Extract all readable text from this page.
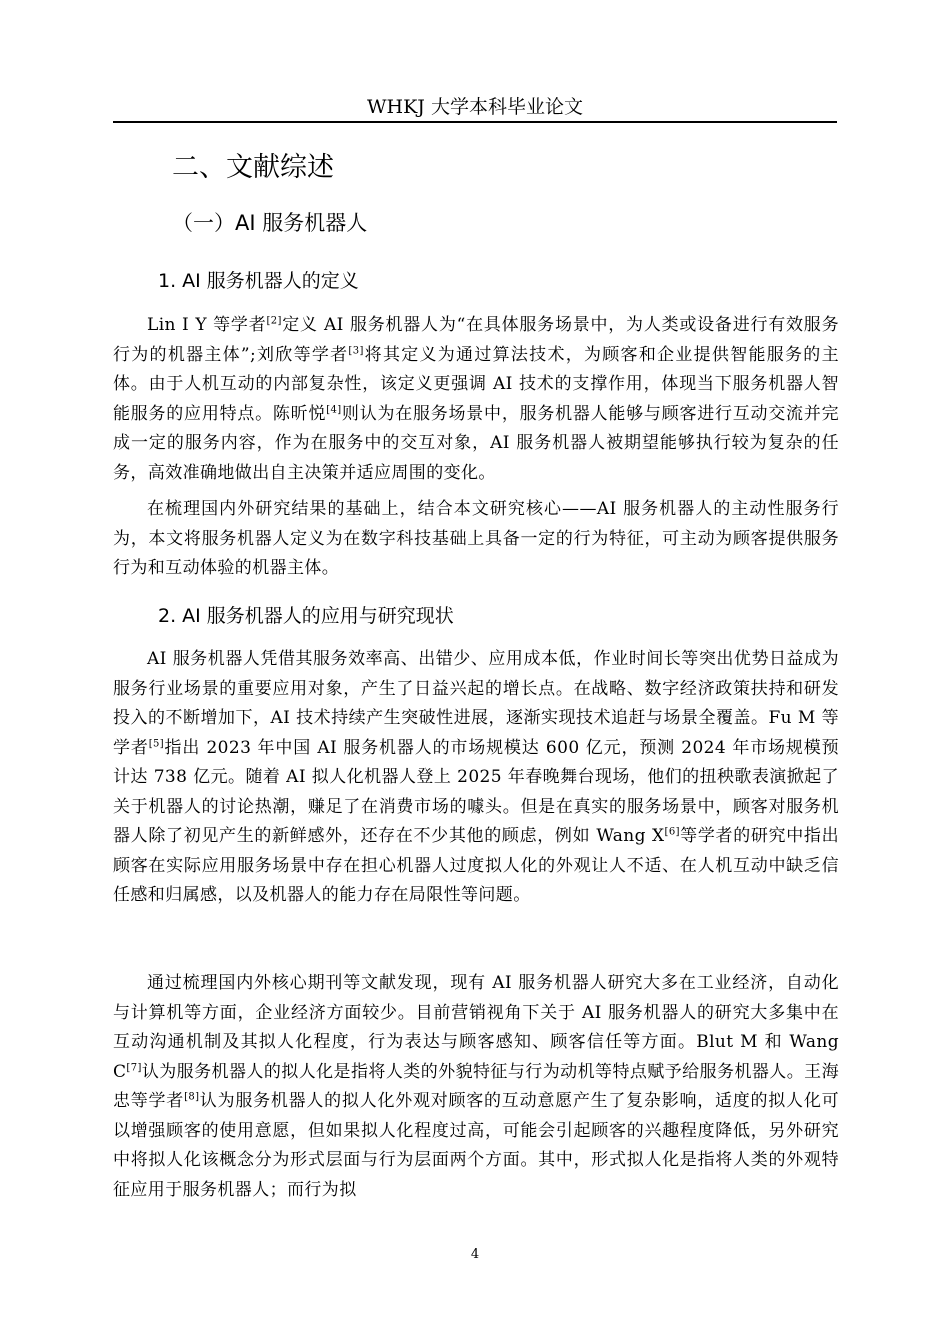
WHKJ 大学本科毕业论文
二、文献综述
（一）AI 服务机器人
1. AI 服务机器人的定义

Lin I Y 等学者[2]定义 AI 服务机器人为“在具体服务场景中，为人类或设备进行有效服务行为的机器主体”;刘欣等学者[3]将其定义为通过算法技术，为顾客和企业提供智能服务的主体。由于人机互动的内部复杂性，该定义更强调 AI 技术的支撑作用，体现当下服务机器人智能服务的应用特点。陈昕悦[4]则认为在服务场景中，服务机器人能够与顾客进行互动交流并完成一定的服务内容，作为在服务中的交互对象，AI 服务机器人被期望能够执行较为复杂的任务，高效准确地做出自主决策并适应周围的变化。

在梳理国内外研究结果的基础上，结合本文研究核心——AI 服务机器人的主动性服务行为，本文将服务机器人定义为在数字科技基础上具备一定的行为特征，可主动为顾客提供服务行为和互动体验的机器主体。

2. AI 服务机器人的应用与研究现状

AI 服务机器人凭借其服务效率高、出错少、应用成本低，作业时间长等突出优势日益成为服务行业场景的重要应用对象，产生了日益兴起的增长点。在战略、数字经济政策扶持和研发投入的不断增加下，AI 技术持续产生突破性进展，逐渐实现技术追赶与场景全覆盖。Fu M 等学者[5]指出 2023 年中国 AI 服务机器人的市场规模达 600 亿元，预测 2024 年市场规模预计达 738 亿元。随着 AI 拟人化机器人登上 2025 年春晚舞台现场，他们的扭秧歌表演掀起了关于机器人的讨论热潮，赚足了在消费市场的噱头。但是在真实的服务场景中，顾客对服务机器人除了初见产生的新鲜感外，还存在不少其他的顾虑，例如 Wang X[6]等学者的研究中指出顾客在实际应用服务场景中存在担心机器人过度拟人化的外观让人不适、在人机互动中缺乏信任感和归属感，以及机器人的能力存在局限性等问题。

通过梳理国内外核心期刊等文献发现，现有 AI 服务机器人研究大多在工业经济，自动化与计算机等方面，企业经济方面较少。目前营销视角下关于 AI 服务机器人的研究大多集中在互动沟通机制及其拟人化程度，行为表达与顾客感知、顾客信任等方面。Blut M 和 Wang C[7]认为服务机器人的拟人化是指将人类的外貌特征与行为动机等特点赋予给服务机器人。王海忠等学者[8]认为服务机器人的拟人化外观对顾客的互动意愿产生了复杂影响，适度的拟人化可以增强顾客的使用意愿，但如果拟人化程度过高，可能会引起顾客的兴趣程度降低，另外研究中将拟人化该概念分为形式层面与行为层面两个方面。其中，形式拟人化是指将人类的外观特征应用于服务机器人；而行为拟

4
